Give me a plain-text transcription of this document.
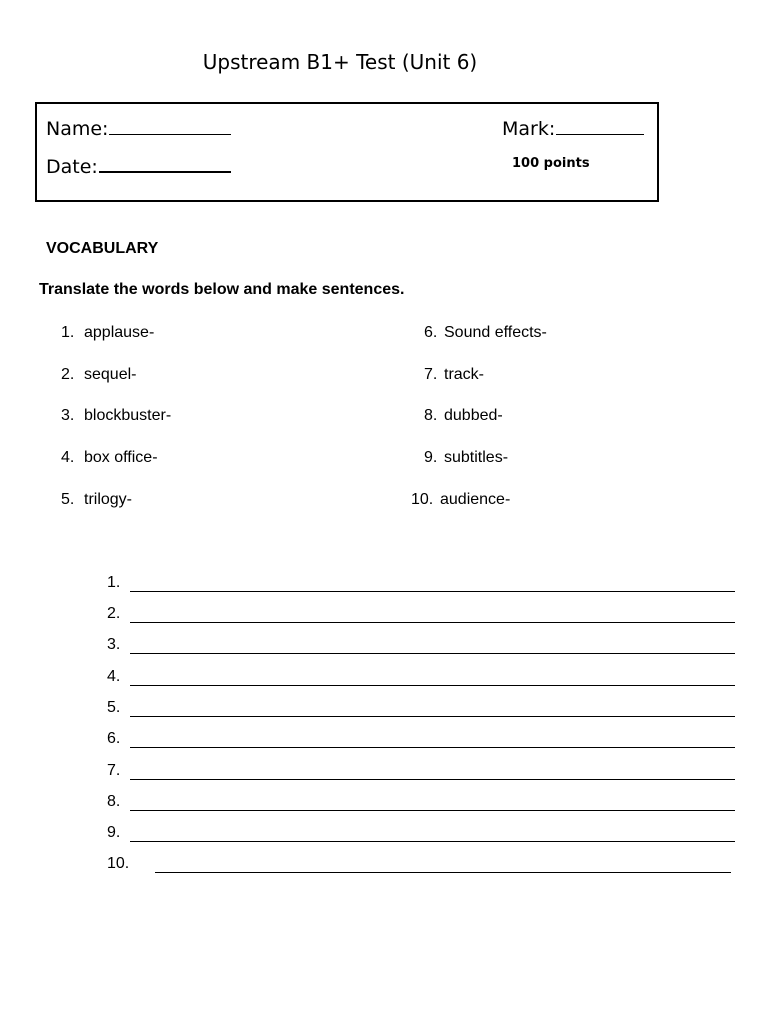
Upstream B1+ Test (Unit 6)
Name:
Date:
Mark:
100 points
VOCABULARY
Translate the words below and make sentences.
1. applause-
2. sequel-
3. blockbuster-
4. box office-
5. trilogy-
6. Sound effects-
7. track-
8. dubbed-
9. subtitles-
10. audience-
1.
2.
3.
4.
5.
6.
7.
8.
9.
10.
